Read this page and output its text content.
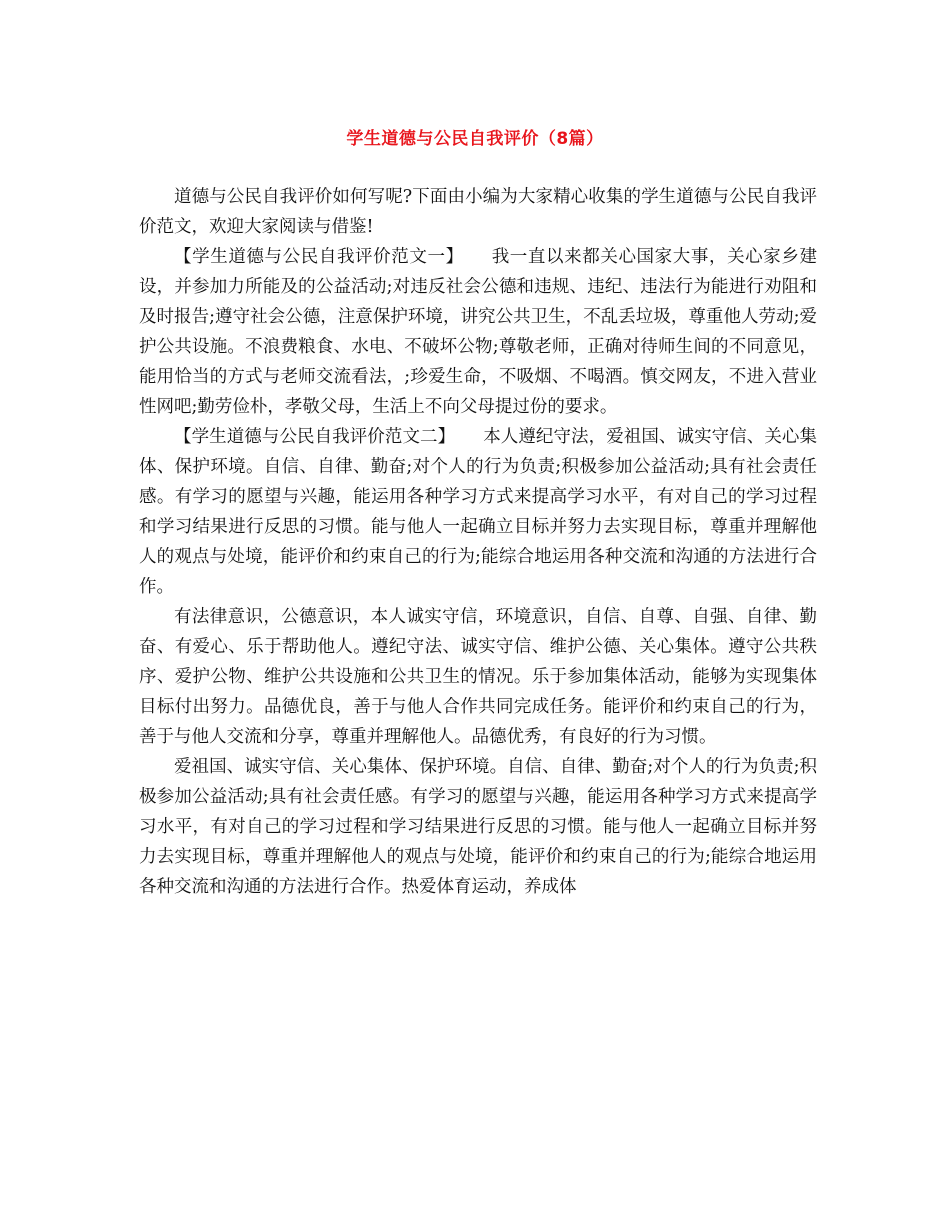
学生道德与公民自我评价（8篇）

道德与公民自我评价如何写呢?下面由小编为大家精心收集的学生道德与公民自我评价范文，欢迎大家阅读与借鉴!

【学生道德与公民自我评价范文一】 我一直以来都关心国家大事，关心家乡建设，并参加力所能及的公益活动;对违反社会公德和违规、违纪、违法行为能进行劝阻和及时报告;遵守社会公德，注意保护环境，讲究公共卫生，不乱丢垃圾，尊重他人劳动;爱护公共设施。不浪费粮食、水电、不破坏公物;尊敬老师，正确对待师生间的不同意见，能用恰当的方式与老师交流看法，;珍爱生命，不吸烟、不喝酒。慎交网友，不进入营业性网吧;勤劳俭朴，孝敬父母，生活上不向父母提过份的要求。

【学生道德与公民自我评价范文二】 本人遵纪守法，爱祖国、诚实守信、关心集体、保护环境。自信、自律、勤奋;对个人的行为负责;积极参加公益活动;具有社会责任感。有学习的愿望与兴趣，能运用各种学习方式来提高学习水平，有对自己的学习过程和学习结果进行反思的习惯。能与他人一起确立目标并努力去实现目标，尊重并理解他人的观点与处境，能评价和约束自己的行为;能综合地运用各种交流和沟通的方法进行合作。

有法律意识，公德意识，本人诚实守信，环境意识，自信、自尊、自强、自律、勤奋、有爱心、乐于帮助他人。遵纪守法、诚实守信、维护公德、关心集体。遵守公共秩序、爱护公物、维护公共设施和公共卫生的情况。乐于参加集体活动，能够为实现集体目标付出努力。品德优良，善于与他人合作共同完成任务。能评价和约束自己的行为，善于与他人交流和分享，尊重并理解他人。品德优秀，有良好的行为习惯。

爱祖国、诚实守信、关心集体、保护环境。自信、自律、勤奋;对个人的行为负责;积极参加公益活动;具有社会责任感。有学习的愿望与兴趣，能运用各种学习方式来提高学习水平，有对自己的学习过程和学习结果进行反思的习惯。能与他人一起确立目标并努力去实现目标，尊重并理解他人的观点与处境，能评价和约束自己的行为;能综合地运用各种交流和沟通的方法进行合作。热爱体育运动，养成体
